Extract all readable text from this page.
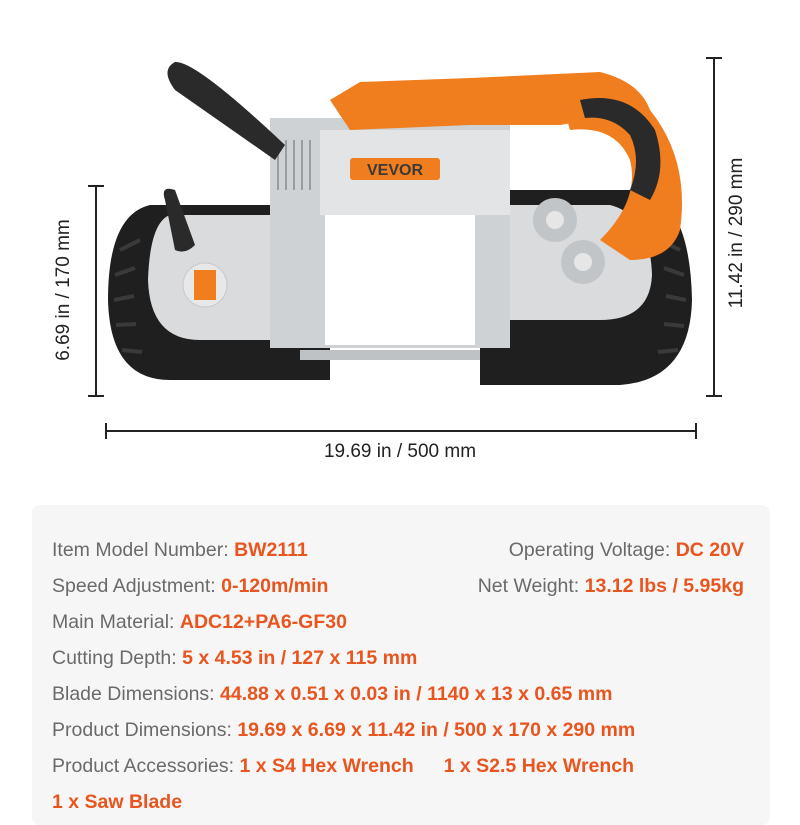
VEVOR
6.69 in / 170 mm	11.42 in / 290 mm
19.69 in / 500 mm
Item Model Number: BW2111	Operating Voltage: DC 20V
Speed Adjustment: 0-120m/min	Net Weight: 13.12 lbs / 5.95kg
Main Material: ADC12+PA6-GF30
Cutting Depth: 5 x 4.53 in / 127 x 115 mm
Blade Dimensions: 44.88 x 0.51 x 0.03 in / 1140 x 13 x 0.65 mm
Product Dimensions: 19.69 x 6.69 x 11.42 in / 500 x 170 x 290 mm
Product Accessories: 1 x S4 Hex Wrench 1 x S2.5 Hex Wrench
1 x Saw Blade
